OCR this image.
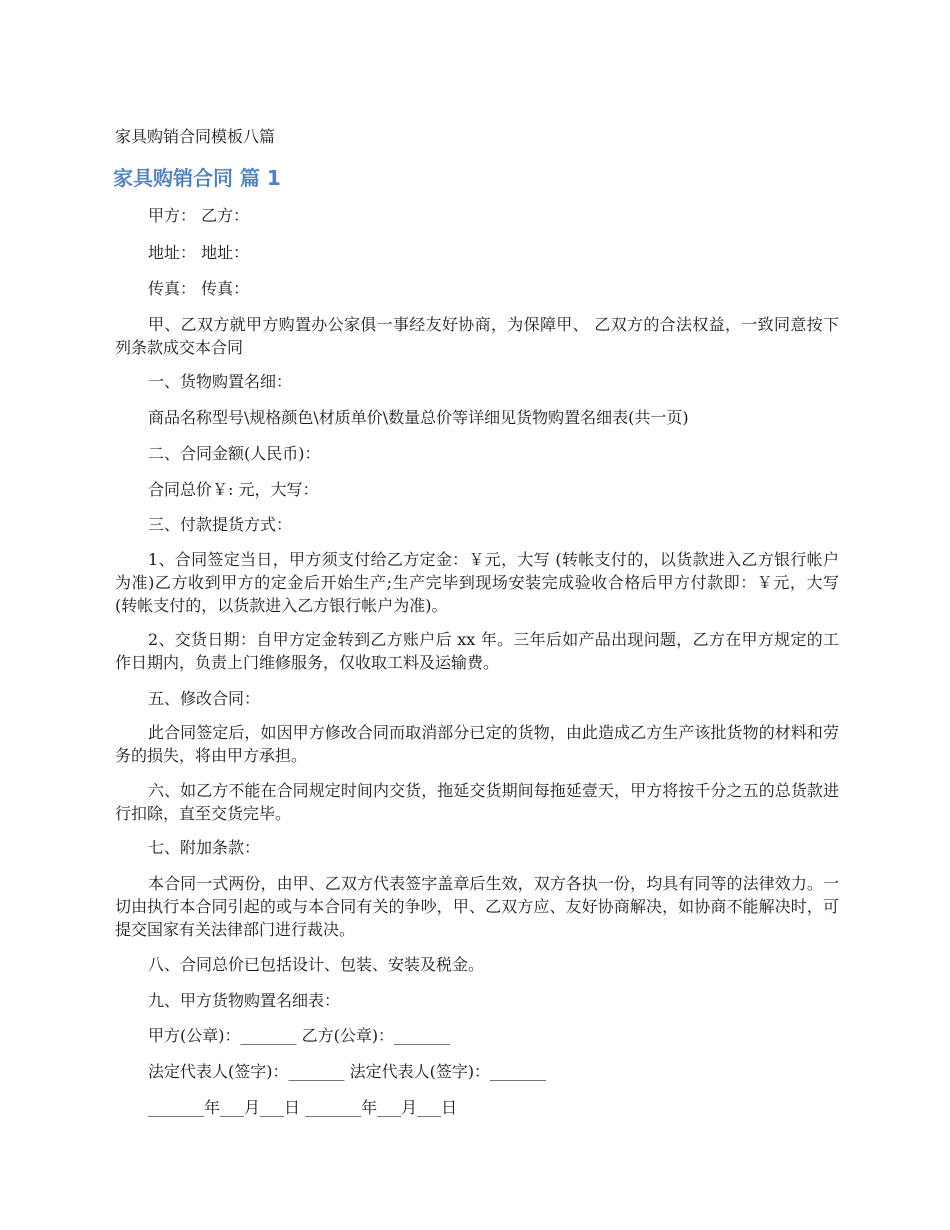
家具购销合同模板八篇
家具购销合同 篇 1
甲方： 乙方：
地址： 地址：
传真： 传真：
甲、乙双方就甲方购置办公家俱一事经友好协商，为保障甲、 乙双方的合法权益，一致同意按下列条款成交本合同
一、货物购置名细：
商品名称型号\规格颜色\材质单价\数量总价等详细见货物购置名细表(共一页)
二、合同金额(人民币)：
合同总价￥: 元，大写：
三、付款提货方式：
1、合同签定当日，甲方须支付给乙方定金：￥元，大写 (转帐支付的，以货款进入乙方银行帐户为准)乙方收到甲方的定金后开始生产;生产完毕到现场安装完成验收合格后甲方付款即：￥元，大写 (转帐支付的，以货款进入乙方银行帐户为准)。
2、交货日期：自甲方定金转到乙方账户后 xx 年。三年后如产品出现问题，乙方在甲方规定的工作日期内，负责上门维修服务，仅收取工料及运输费。
五、修改合同：
此合同签定后，如因甲方修改合同而取消部分已定的货物，由此造成乙方生产该批货物的材料和劳务的损失，将由甲方承担。
六、如乙方不能在合同规定时间内交货，拖延交货期间每拖延壹天，甲方将按千分之五的总货款进行扣除，直至交货完毕。
七、附加条款：
本合同一式两份，由甲、乙双方代表签字盖章后生效，双方各执一份，均具有同等的法律效力。一切由执行本合同引起的或与本合同有关的争吵，甲、乙双方应、友好协商解决，如协商不能解决时，可提交国家有关法律部门进行裁决。
八、合同总价已包括设计、包装、安装及税金。
九、甲方货物购置名细表：
甲方(公章)：_______ 乙方(公章)：_______
法定代表人(签字)：_______ 法定代表人(签字)：_______
_______年___月___日 _______年___月___日
